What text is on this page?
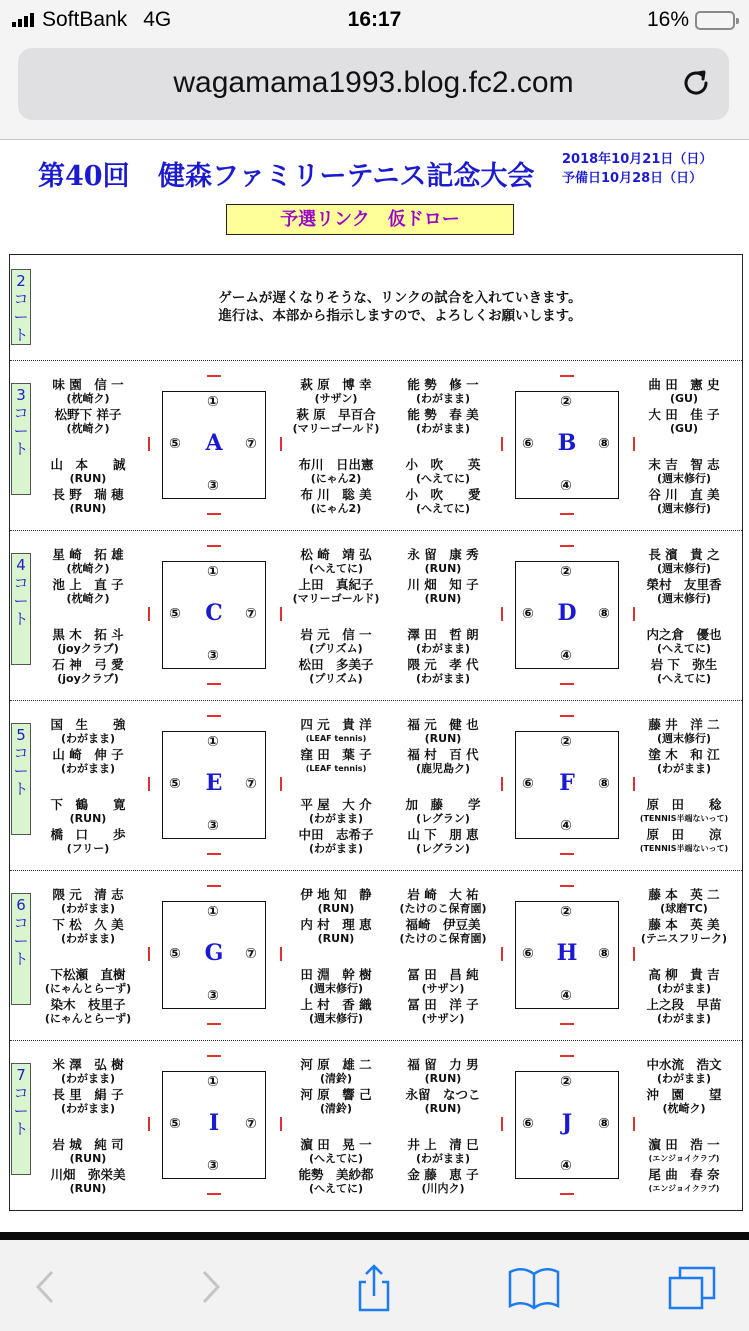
SoftBank 4G	16:17	16%
wagamama1993.blog.fc2.com
第40回 健森ファミリーテニス記念大会
2018年10月21日（日）
予備日10月28日（日）
予選リンク　仮ドロー
2
コ
ー
ト
ゲームが遅くなりそうな、リンクの試合を入れていきます。
進行は、本部から指示しますので、よろしくお願いします。
3
コ
ー
ト
味 園　信 一
(枕崎ク)
松野下 祥子
(枕崎ク)
山　本　　誠
(RUN)
長 野　瑞 穂
(RUN)
①
⑤	⑦
③
A
萩 原　博 幸
(サザン)
萩 原　早百合
(マリーゴールド)
布川　日出憲
(にゃん2)
布 川　聡 美
(にゃん2)
能 勢　修 一
(わがまま)
能 勢　春 美
(わがまま)
小　吹　　英
(へえてに)
小　吹　　愛
(へえてに)
②
⑥	⑧
④
B
曲 田　憲 史
(GU)
大 田　佳 子
(GU)
末 吉　智 志
(週末修行)
谷 川　直 美
(週末修行)
4
コ
ー
ト
星 崎　拓 雄
(枕崎ク)
池 上　直 子
(枕崎ク)
黒 木　拓 斗
(joyクラブ)
石 神　弓 愛
(joyクラブ)
①
⑤	⑦
③
C
松 崎　靖 弘
(へえてに)
上田　真紀子
(マリーゴールド)
岩 元　信 一
(プリズム)
松田　多美子
(プリズム)
永 留　康 秀
(RUN)
川 畑　知 子
(RUN)
澤 田　哲 朗
(わがまま)
隈 元　孝 代
(わがまま)
②
⑥	⑧
④
D
長 濱　貴 之
(週末修行)
榮村　友里香
(週末修行)
内之倉　優也
(へえてに)
岩 下　弥生
(へえてに)
5
コ
ー
ト
国　生　　強
(わがまま)
山 崎　伸 子
(わがまま)
下　鶴　　寛
(RUN)
橋　口　　歩
(フリー)
①
⑤	⑦
③
E
四 元　貴 洋
(LEAF tennis)
窪 田　葉 子
(LEAF tennis)
平 屋　大 介
(わがまま)
中田　志希子
(わがまま)
福 元　健 也
(RUN)
福 村　百 代
(鹿児島ク)
加　藤　　学
(レグラン)
山 下　朋 恵
(レグラン)
②
⑥	⑧
④
F
藤 井　洋 二
(週末修行)
塗 木　和 江
(わがまま)
原　田　　稔
(TENNIS半端ないって)
原　田　　涼
(TENNIS半端ないって)
6
コ
ー
ト
隈 元　清 志
(わがまま)
下 松　久 美
(わがまま)
下松瀬　直樹
(にゃんとらーず)
染木　枝里子
(にゃんとらーず)
①
⑤	⑦
③
G
伊 地 知　静
(RUN)
内 村　理 恵
(RUN)
田 淵　幹 樹
(週末修行)
上 村　香 織
(週末修行)
岩 崎　大 祐
(たけのこ保育園)
福崎　伊豆美
(たけのこ保育園)
冨 田　昌 純
(サザン)
冨 田　洋 子
(サザン)
②
⑥	⑧
④
H
藤 本　英 二
(球磨TC)
藤 本　英 美
(テニスフリーク)
高 柳　貴 吉
(わがまま)
上之段　早苗
(わがまま)
7
コ
ー
ト
米 澤　弘 樹
(わがまま)
長 里　絹 子
(わがまま)
岩 城　純 司
(RUN)
川畑　弥栄美
(RUN)
①
⑤	⑦
③
I
河 原　雄 二
(清鈴)
河 原　響 己
(清鈴)
濵 田　晃 一
(へえてに)
能勢　美紗都
(へえてに)
福 留　力 男
(RUN)
永留　なつこ
(RUN)
井 上　清 巳
(わがまま)
金 藤　恵 子
(川内ク)
②
⑥	⑧
④
J
中水流　浩文
(わがまま)
沖　園　　望
(枕崎ク)
濵 田　浩 一
(エンジョイクラブ)
尾 曲　春 奈
(エンジョイクラブ)
